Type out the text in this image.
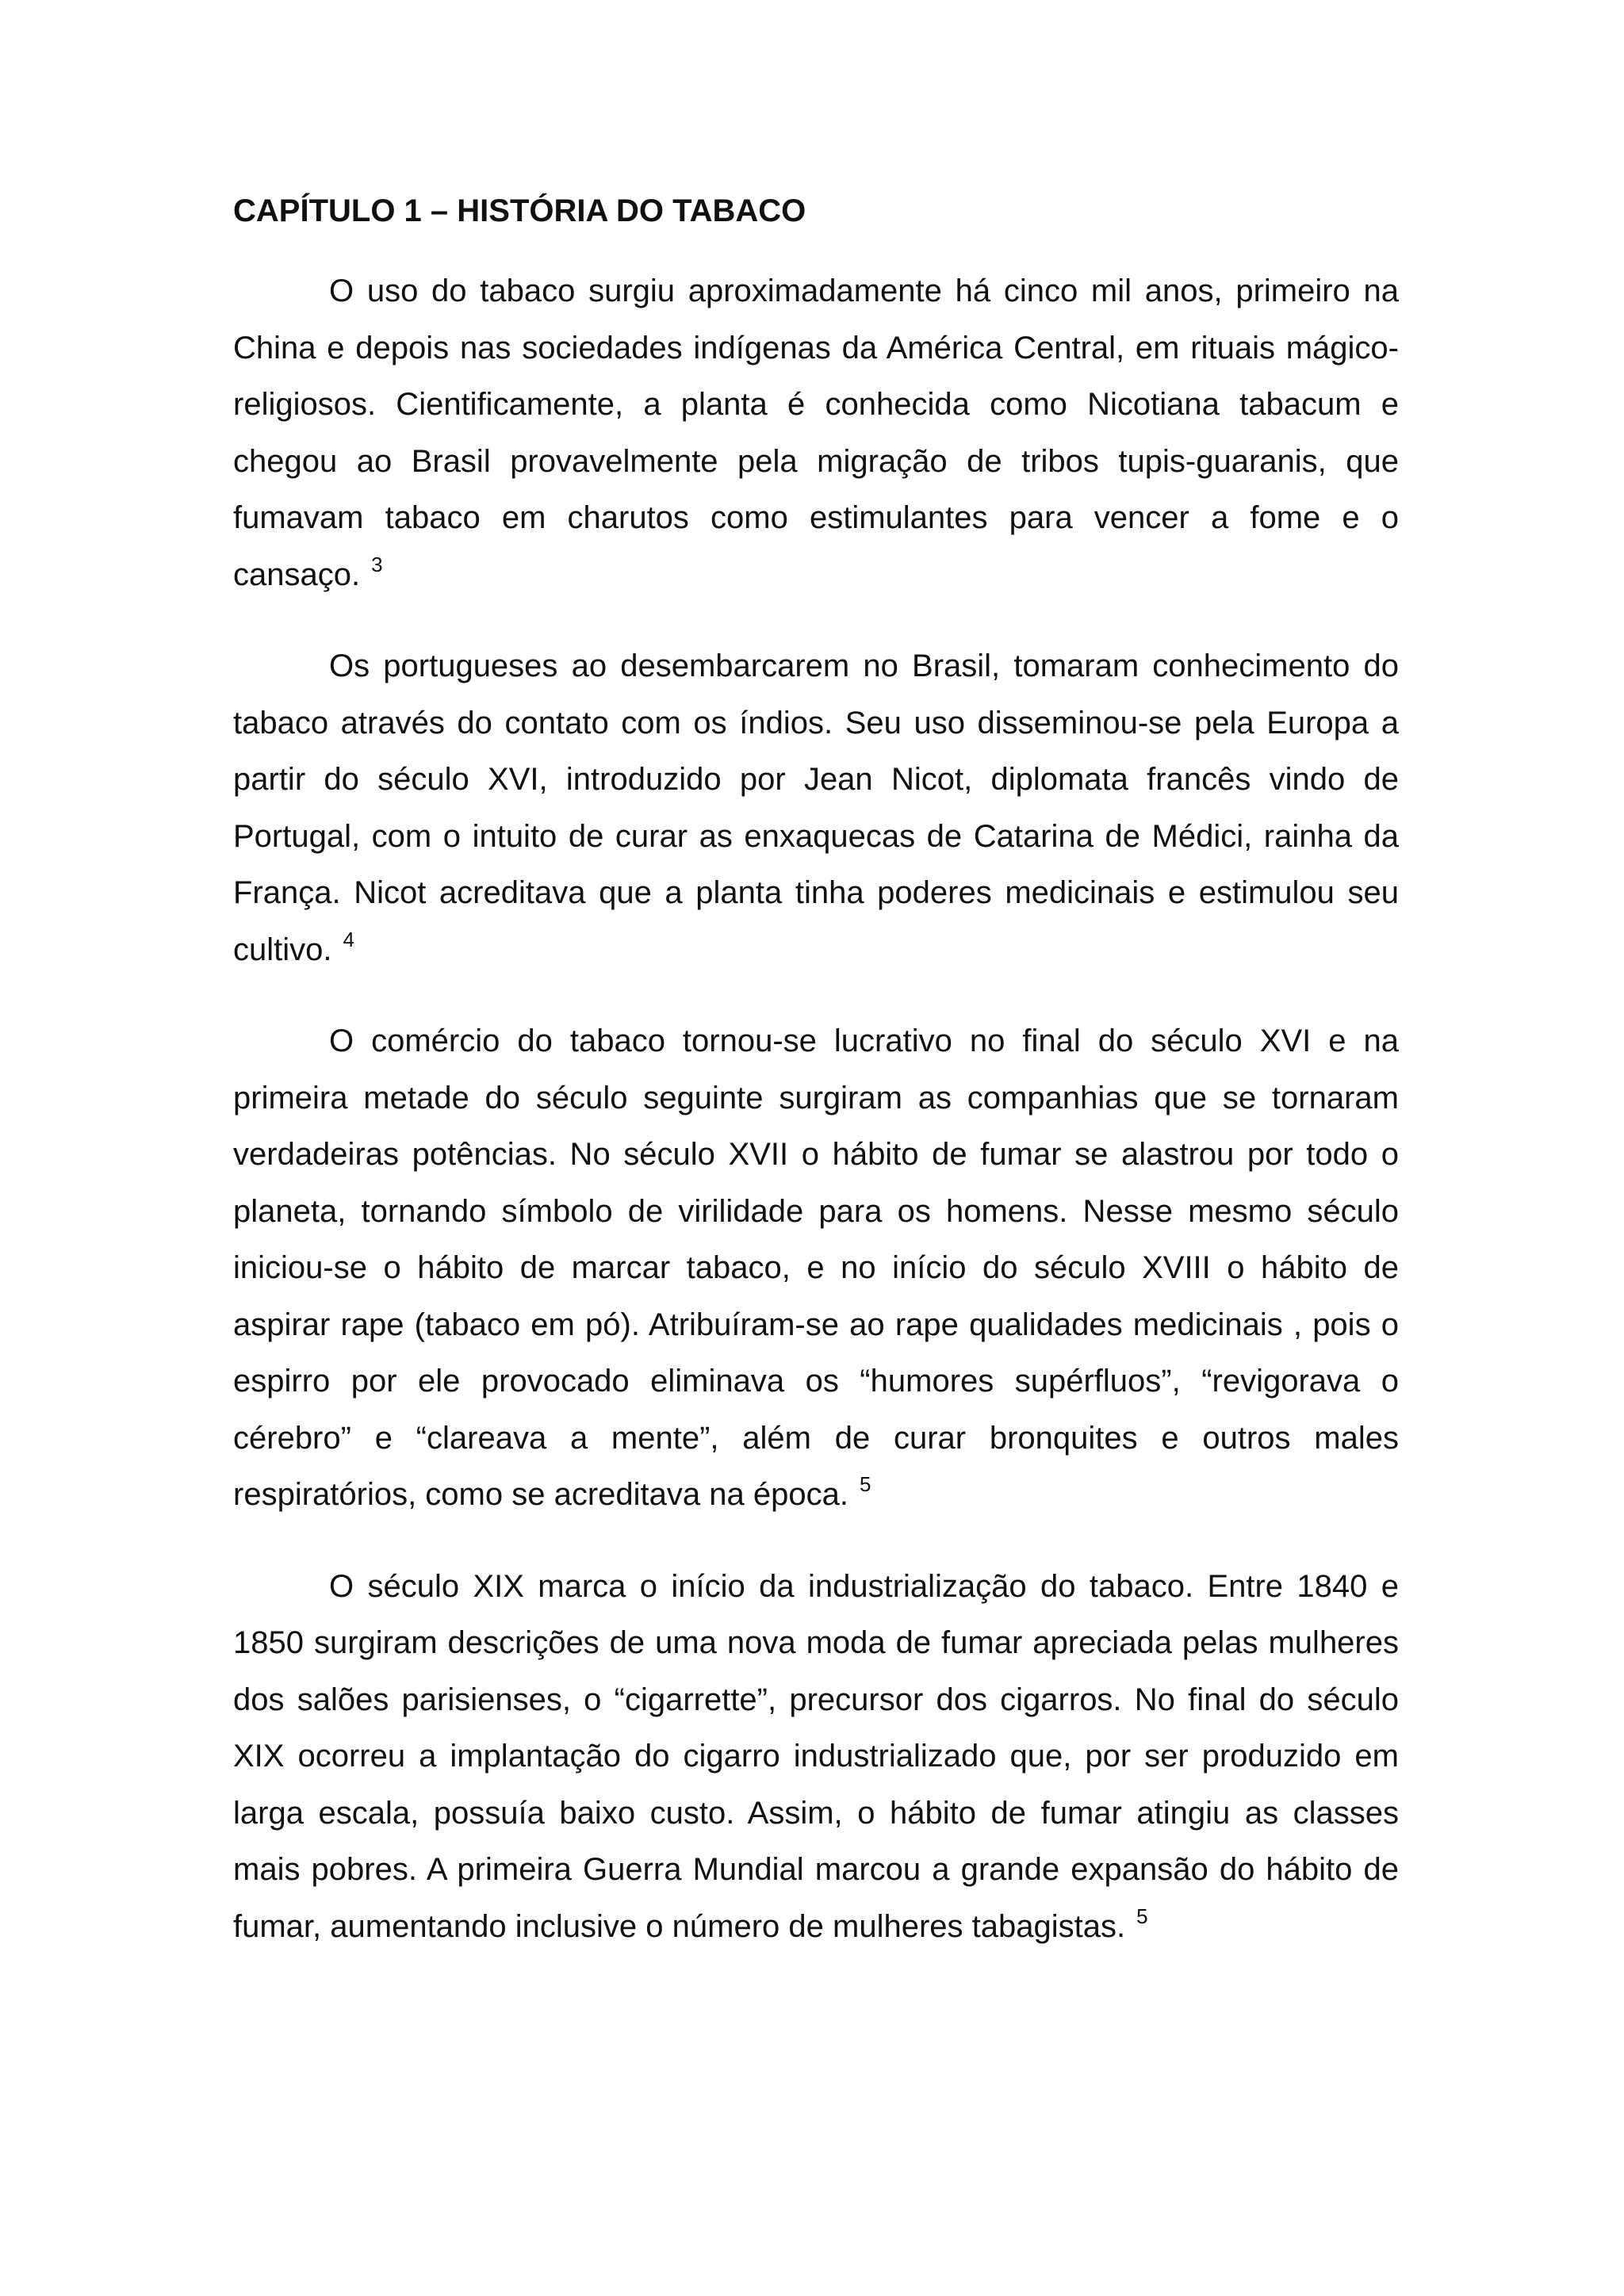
CAPÍTULO 1 – HISTÓRIA DO TABACO

O uso do tabaco surgiu aproximadamente há cinco mil anos, primeiro na China e depois nas sociedades indígenas da América Central, em rituais mágico-religiosos. Cientificamente, a planta é conhecida como Nicotiana tabacum e chegou ao Brasil provavelmente pela migração de tribos tupis-guaranis, que fumavam tabaco em charutos como estimulantes para vencer a fome e o cansaço. $^3$

Os portugueses ao desembarcarem no Brasil, tomaram conhecimento do tabaco através do contato com os índios. Seu uso disseminou-se pela Europa a partir do século XVI, introduzido por Jean Nicot, diplomata francês vindo de Portugal, com o intuito de curar as enxaquecas de Catarina de Médici, rainha da França. Nicot acreditava que a planta tinha poderes medicinais e estimulou seu cultivo. $^4$

O comércio do tabaco tornou-se lucrativo no final do século XVI e na primeira metade do século seguinte surgiram as companhias que se tornaram verdadeiras potências. No século XVII o hábito de fumar se alastrou por todo o planeta, tornando símbolo de virilidade para os homens. Nesse mesmo século iniciou-se o hábito de marcar tabaco, e no início do século XVIII o hábito de aspirar rape (tabaco em pó). Atribuíram-se ao rape qualidades medicinais , pois o espirro por ele provocado eliminava os “humores supérfluos”, “revigorava o cérebro” e “clareava a mente”, além de curar bronquites e outros males respiratórios, como se acreditava na época. $^5$

O século XIX marca o início da industrialização do tabaco. Entre 1840 e 1850 surgiram descrições de uma nova moda de fumar apreciada pelas mulheres dos salões parisienses, o “cigarrette”, precursor dos cigarros. No final do século XIX ocorreu a implantação do cigarro industrializado que, por ser produzido em larga escala, possuía baixo custo. Assim, o hábito de fumar atingiu as classes mais pobres. A primeira Guerra Mundial marcou a grande expansão do hábito de fumar, aumentando inclusive o número de mulheres tabagistas. $^5$
